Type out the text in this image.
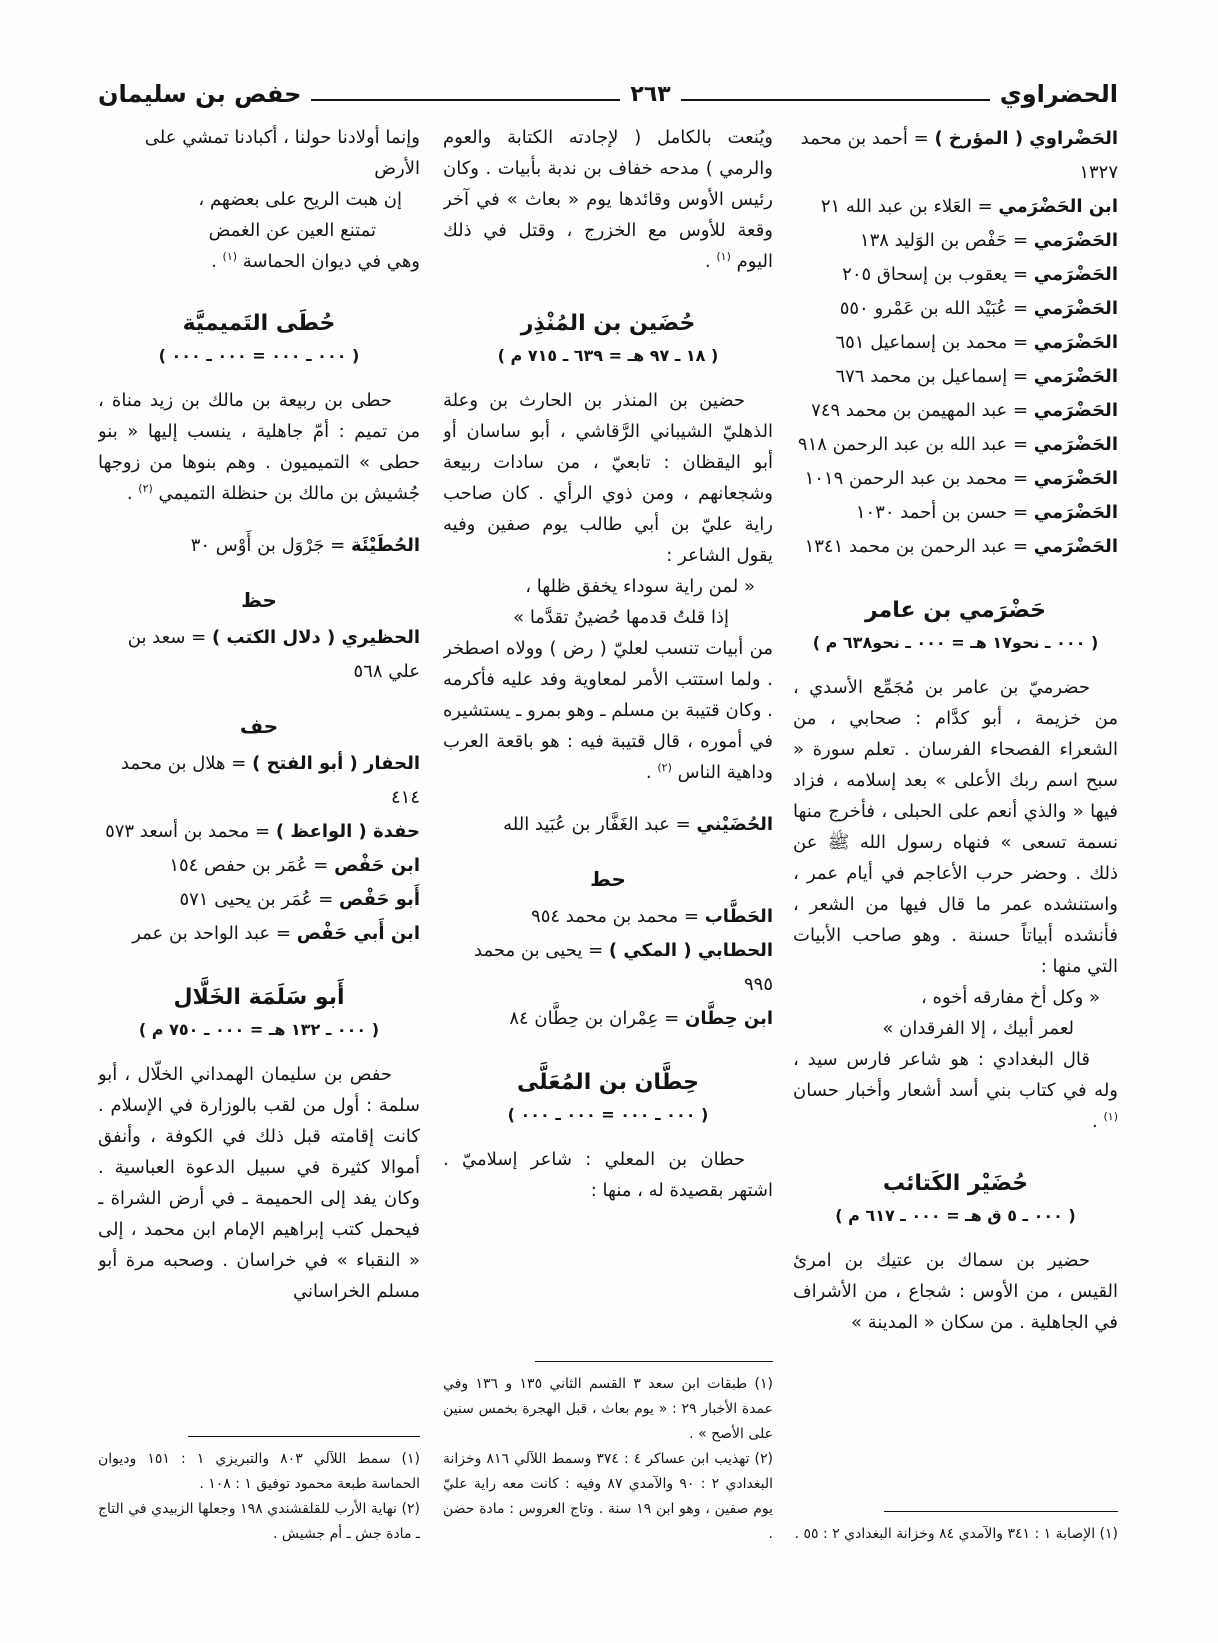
الحضراوي
٢٦٣
حفص بن سليمان
الحَضْراوي ( المؤرخ ) = أحمد بن محمد ١٣٢٧
ابن الحَضْرَمي = العَلاء بن عبد الله ٢١
الحَضْرَمي = حَفْص بن الوَليد ١٣٨
الحَضْرَمي = يعقوب بن إسحاق ٢٠٥
الحَضْرَمي = عُبَيْد الله بن عَمْرو ٥٥٠
الحَضْرَمي = محمد بن إسماعيل ٦٥١
الحَضْرَمي = إسماعيل بن محمد ٦٧٦
الحَضْرَمي = عبد المهيمن بن محمد ٧٤٩
الحَضْرَمي = عبد الله بن عبد الرحمن ٩١٨
الحَضْرَمي = محمد بن عبد الرحمن ١٠١٩
الحَضْرَمي = حسن بن أحمد ١٠٣٠
الحَضْرَمي = عبد الرحمن بن محمد ١٣٤١
حَضْرَمي بن عامر
( ٠٠٠ ـ نحو١٧ هـ = ٠٠٠ ـ نحو٦٣٨ م )

حضرميّ بن عامر بن مُجَمِّع الأسدي ، من خزيمة ، أبو كدَّام : صحابي ، من الشعراء الفصحاء الفرسان . تعلم سورة « سبح اسم ربك الأعلى » بعد إسلامه ، فزاد فيها « والذي أنعم على الحبلى ، فأخرج منها نسمة تسعى » فنهاه رسول الله ﷺ عن ذلك . وحضر حرب الأعاجم في أيام عمر ، واستنشده عمر ما قال فيها من الشعر ، فأنشده أبياتاً حسنة . وهو صاحب الأبيات التي منها :

« وكل أخ مفارقه أخوه ،
لعمر أبيك ، إلا الفرقدان »

قال البغدادي : هو شاعر فارس سيد ، وله في كتاب بني أسد أشعار وأخبار حسان $^{(١)}$ .

حُضَيْر الكَتائب
( ٠٠٠ ـ ٥ ق هـ = ٠٠٠ ـ ٦١٧ م )

حضير بن سماك بن عتيك بن امرئ القيس ، من الأوس : شجاع ، من الأشراف في الجاهلية . من سكان « المدينة »

(١) الإصابة ١ : ٣٤١ والآمدي ٨٤ وخزانة البغدادي ٢ : ٥٥ .

ويُنعت بالكامل ( لإجادته الكتابة والعوم والرمي ) مدحه خفاف بن ندبة بأبيات . وكان رئيس الأوس وقائدها يوم « بعاث » في آخر وقعة للأوس مع الخزرج ، وقتل في ذلك اليوم $^{(١)}$ .

حُضَين بن المُنْذِر
( ١٨ ـ ٩٧ هـ = ٦٣٩ ـ ٧١٥ م )

حضين بن المنذر بن الحارث بن وعلة الذهليّ الشيباني الرَّقاشي ، أبو ساسان أو أبو اليقظان : تابعيّ ، من سادات ربيعة وشجعانهم ، ومن ذوي الرأي . كان صاحب راية عليّ بن أبي طالب يوم صفين وفيه يقول الشاعر :

« لمن راية سوداء يخفق ظلها ،
إذا قلتُ قدمها حُضينُ تقدَّما »

من أبيات تنسب لعليّ ( رض ) وولاه اصطخر . ولما استتب الأمر لمعاوية وفد عليه فأكرمه . وكان قتيبة بن مسلم ـ وهو بمرو ـ يستشيره في أموره ، قال قتيبة فيه : هو باقعة العرب وداهية الناس $^{(٢)}$ .

الحُضَيْني = عبد الغَفَّار بن عُبَيد الله
حط
الحَطَّاب = محمد بن محمد ٩٥٤
الحطابي ( المكي ) = يحيى بن محمد ٩٩٥
ابن حِطَّان = عِمْران بن حِطَّان ٨٤
حِطَّان بن المُعَلَّى
( ٠٠٠ ـ ٠٠٠ = ٠٠٠ ـ ٠٠٠ )

حطان بن المعلي : شاعر إسلاميّ . اشتهر بقصيدة له ، منها :

(١) طبقات ابن سعد ٣ القسم الثاني ١٣٥ و ١٣٦ وفي عمدة الأخبار ٢٩ : « يوم بعاث ، قبل الهجرة بخمس سنين على الأصح » .

(٢) تهذيب ابن عساكر ٤ : ٣٧٤ وسمط اللآلي ٨١٦ وخزانة البغدادي ٢ : ٩٠ والآمدي ٨٧ وفيه : كانت معه راية عليّ يوم صفين ، وهو ابن ١٩ سنة . وتاج العروس : مادة حضن .

وإنما أولادنا حولنا ، أكبادنا تمشي على الأرض
إن هبت الريح على بعضهم ،
تمتنع العين عن الغمض

وهي في ديوان الحماسة $^{(١)}$ .

حُطَى التَميميَّة
( ٠٠٠ ـ ٠٠٠ = ٠٠٠ ـ ٠٠٠ )

حطى بن ربيعة بن مالك بن زيد مناة ، من تميم : أمّ جاهلية ، ينسب إليها « بنو حطى » التميميون . وهم بنوها من زوجها جُشيش بن مالك بن حنظلة التميمي $^{(٢)}$ .

الحُطَيْئَة = جَرْوَل بن أَوْس ٣٠
حظ
الحظيري ( دلال الكتب ) = سعد بن علي ٥٦٨
حف
الحفار ( أبو الفتح ) = هلال بن محمد ٤١٤
حفدة ( الواعظ ) = محمد بن أسعد ٥٧٣
ابن حَفْص = عُمَر بن حفص ١٥٤
أَبو حَفْص = عُمَر بن يحيى ٥٧١
ابن أَبي حَفْص = عبد الواحد بن عمر
أَبو سَلَمَة الخَلَّال
( ٠٠٠ ـ ١٣٢ هـ = ٠٠٠ ـ ٧٥٠ م )

حفص بن سليمان الهمداني الخلّال ، أبو سلمة : أول من لقب بالوزارة في الإسلام . كانت إقامته قبل ذلك في الكوفة ، وأنفق أموالا كثيرة في سبيل الدعوة العباسية . وكان يفد إلى الحميمة ـ في أرض الشراة ـ فيحمل كتب إبراهيم الإمام ابن محمد ، إلى « النقباء » في خراسان . وصحبه مرة أبو مسلم الخراساني

(١) سمط اللآلي ٨٠٣ والتبريزي ١ : ١٥١ وديوان الحماسة طبعة محمود توفيق ١ : ١٠٨ .

(٢) نهاية الأرب للقلقشندي ١٩٨ وجعلها الزبيدي في التاج ـ مادة جش ـ أم جشيش .
